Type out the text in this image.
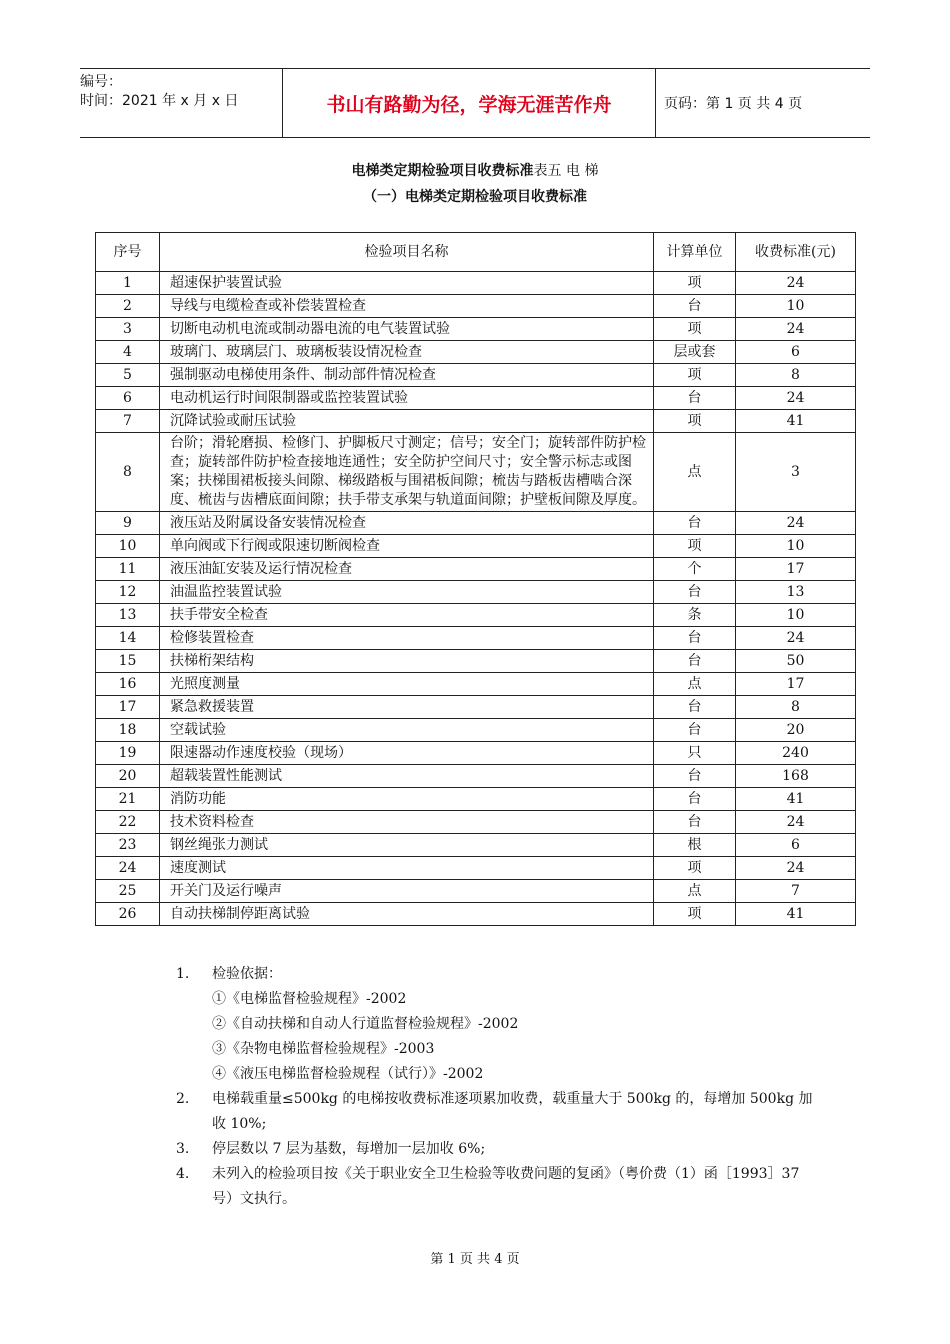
编号：
时间：2021 年 x 月 x 日	书山有路勤为径，学海无涯苦作舟	页码：第 1 页 共 4 页
电梯类定期检验项目收费标准表五 电 梯
（一）电梯类定期检验项目收费标准
序号	检验项目名称	计算单位	收费标准(元)
1	超速保护装置试验	项	24
2	导线与电缆检查或补偿装置检查	台	10
3	切断电动机电流或制动器电流的电气装置试验	项	24
4	玻璃门、玻璃层门、玻璃板装设情况检查	层或套	6
5	强制驱动电梯使用条件、制动部件情况检查	项	8
6	电动机运行时间限制器或监控装置试验	台	24
7	沉降试验或耐压试验	项	41
8	台阶；滑轮磨损、检修门、护脚板尺寸测定；信号；安全门；旋转部件防护检查；旋转部件防护检查接地连通性；安全防护空间尺寸；安全警示标志或图案；扶梯围裙板接头间隙、梯级踏板与围裙板间隙；梳齿与踏板齿槽啮合深度、梳齿与齿槽底面间隙；扶手带支承架与轨道面间隙；护壁板间隙及厚度。	点	3
9	液压站及附属设备安装情况检查	台	24
10	单向阀或下行阀或限速切断阀检查	项	10
11	液压油缸安装及运行情况检查	个	17
12	油温监控装置试验	台	13
13	扶手带安全检查	条	10
14	检修装置检查	台	24
15	扶梯桁架结构	台	50
16	光照度测量	点	17
17	紧急救援装置	台	8
18	空载试验	台	20
19	限速器动作速度校验（现场）	只	240
20	超载装置性能测试	台	168
21	消防功能	台	41
22	技术资料检查	台	24
23	钢丝绳张力测试	根	6
24	速度测试	项	24
25	开关门及运行噪声	点	7
26	自动扶梯制停距离试验	项	41
1. 检验依据：
①《电梯监督检验规程》-2002
②《自动扶梯和自动人行道监督检验规程》-2002
③《杂物电梯监督检验规程》-2003
④《液压电梯监督检验规程（试行）》-2002
2. 电梯载重量≤500kg 的电梯按收费标准逐项累加收费，载重量大于 500kg 的，每增加 500kg 加收 10%;
3. 停层数以 7 层为基数，每增加一层加收 6%;
4. 未列入的检验项目按《关于职业安全卫生检验等收费问题的复函》（粤价费（1）函［1993］37 号）文执行。
第 1 页 共 4 页
